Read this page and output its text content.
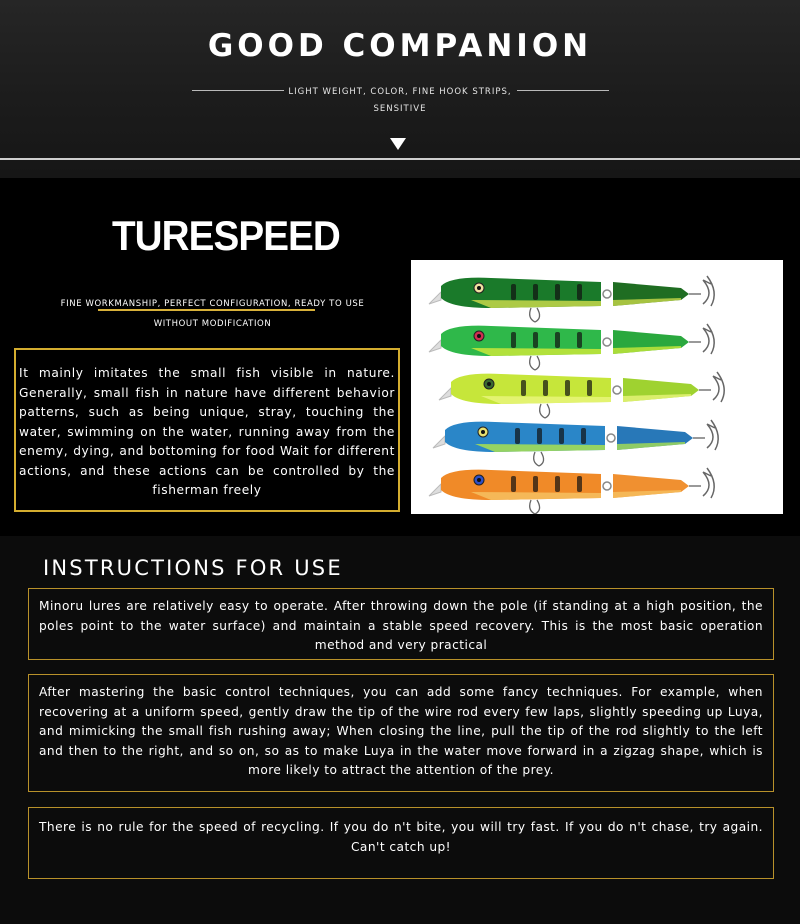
GOOD COMPANION
LIGHT WEIGHT, COLOR, FINE HOOK STRIPS, SENSITIVE
TURESPEED
FINE WORKMANSHIP, PERFECT CONFIGURATION, READY TO USE WITHOUT MODIFICATION
It mainly imitates the small fish visible in nature. Generally, small fish in nature have different behavior patterns, such as being unique, stray, touching the water, swimming on the water, running away from the enemy, dying, and bottoming for food Wait for different actions, and these actions can be controlled by the fisherman freely
INSTRUCTIONS FOR USE
Minoru lures are relatively easy to operate. After throwing down the pole (if standing at a high position, the poles point to the water surface) and maintain a stable speed recovery. This is the most basic operation method and very practical
After mastering the basic control techniques, you can add some fancy techniques. For example, when recovering at a uniform speed, gently draw the tip of the wire rod every few laps, slightly speeding up Luya, and mimicking the small fish rushing away; When closing the line, pull the tip of the rod slightly to the left and then to the right, and so on, so as to make Luya in the water move forward in a zigzag shape, which is more likely to attract the attention of the prey.
There is no rule for the speed of recycling. If you do n't bite, you will try fast. If you do n't chase, try again. Can't catch up!
